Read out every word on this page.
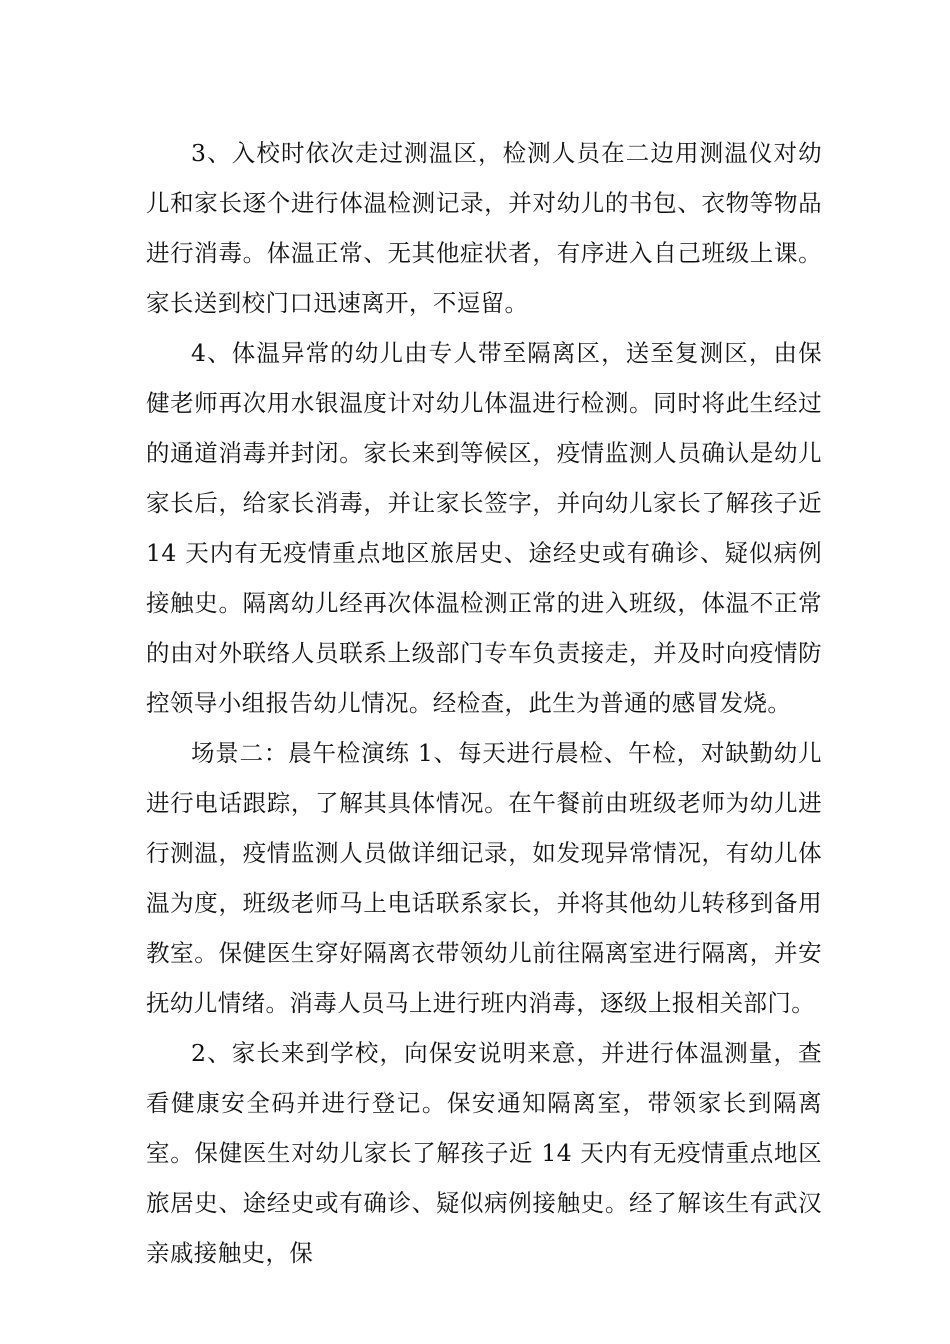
3、入校时依次走过测温区，检测人员在二边用测温仪对幼儿和家长逐个进行体温检测记录，并对幼儿的书包、衣物等物品进行消毒。体温正常、无其他症状者，有序进入自己班级上课。家长送到校门口迅速离开，不逗留。

4、体温异常的幼儿由专人带至隔离区，送至复测区，由保健老师再次用水银温度计对幼儿体温进行检测。同时将此生经过的通道消毒并封闭。家长来到等候区，疫情监测人员确认是幼儿家长后，给家长消毒，并让家长签字，并向幼儿家长了解孩子近 14 天内有无疫情重点地区旅居史、途经史或有确诊、疑似病例接触史。隔离幼儿经再次体温检测正常的进入班级，体温不正常的由对外联络人员联系上级部门专车负责接走，并及时向疫情防控领导小组报告幼儿情况。经检查，此生为普通的感冒发烧。

场景二：晨午检演练 1、每天进行晨检、午检，对缺勤幼儿进行电话跟踪，了解其具体情况。在午餐前由班级老师为幼儿进行测温，疫情监测人员做详细记录，如发现异常情况，有幼儿体温为度，班级老师马上电话联系家长，并将其他幼儿转移到备用教室。保健医生穿好隔离衣带领幼儿前往隔离室进行隔离，并安抚幼儿情绪。消毒人员马上进行班内消毒，逐级上报相关部门。

2、家长来到学校，向保安说明来意，并进行体温测量，查看健康安全码并进行登记。保安通知隔离室，带领家长到隔离室。保健医生对幼儿家长了解孩子近 14 天内有无疫情重点地区旅居史、途经史或有确诊、疑似病例接触史。经了解该生有武汉亲戚接触史，保
